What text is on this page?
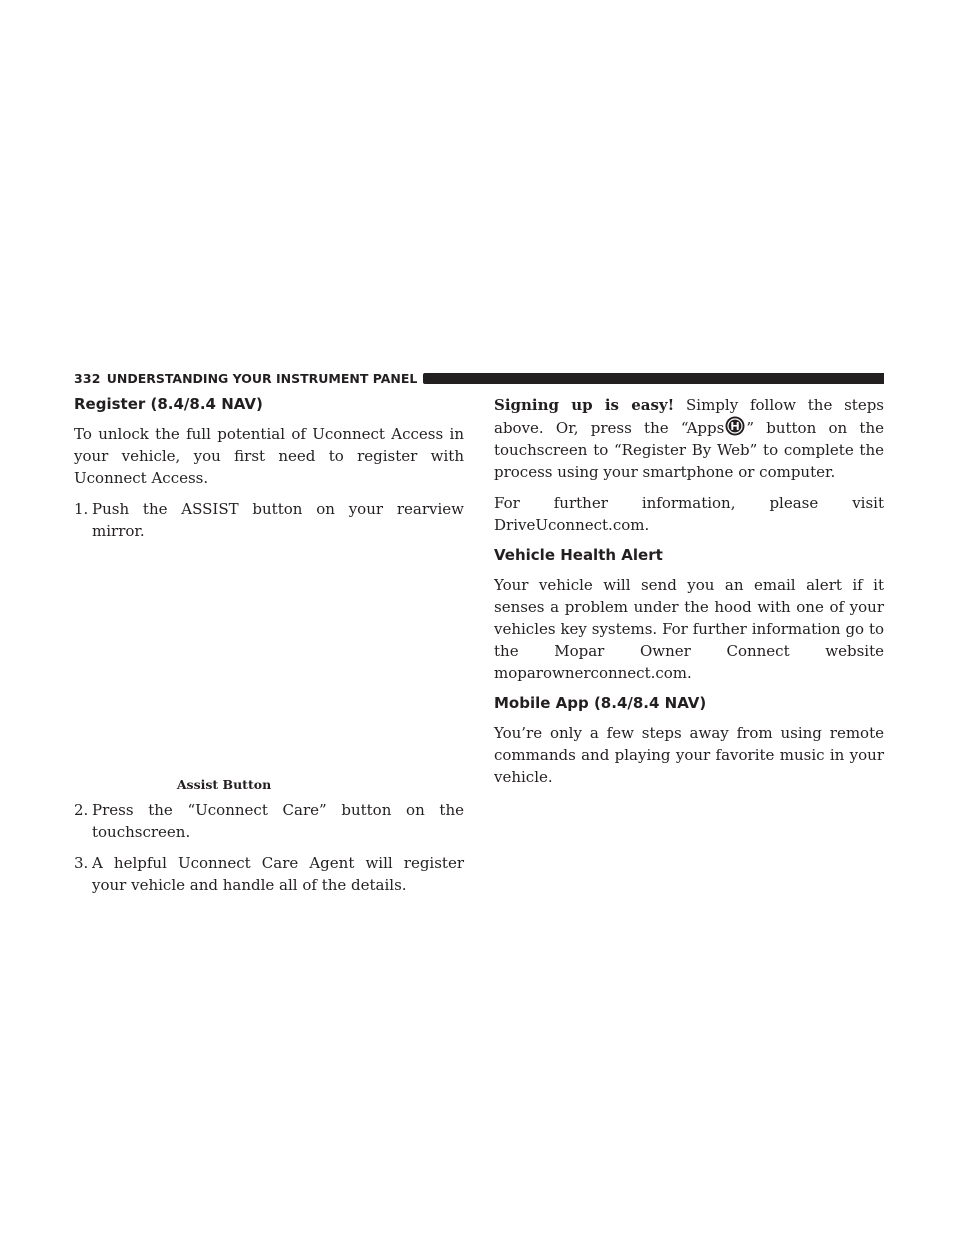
332 UNDERSTANDING YOUR INSTRUMENT PANEL
Register (8.4/8.4 NAV)

To unlock the full potential of Uconnect Access in your vehicle, you first need to register with Uconnect Access.

1. Push the ASSIST button on your rearview mirror.
Assist Button
2. Press the “Uconnect Care” button on the touchscreen.
3. A helpful Uconnect Care Agent will register your vehicle and handle all of the details.

Signing up is easy! Simply follow the steps above. Or, press the “Apps ” button on the touchscreen to “Register By Web” to complete the process using your smartphone or computer.

For further information, please visit DriveUconnect.com.

Vehicle Health Alert

Your vehicle will send you an email alert if it senses a problem under the hood with one of your vehicles key systems. For further information go to the Mopar Owner Connect website moparownerconnect.com.

Mobile App (8.4/8.4 NAV)

You’re only a few steps away from using remote commands and playing your favorite music in your vehicle.
